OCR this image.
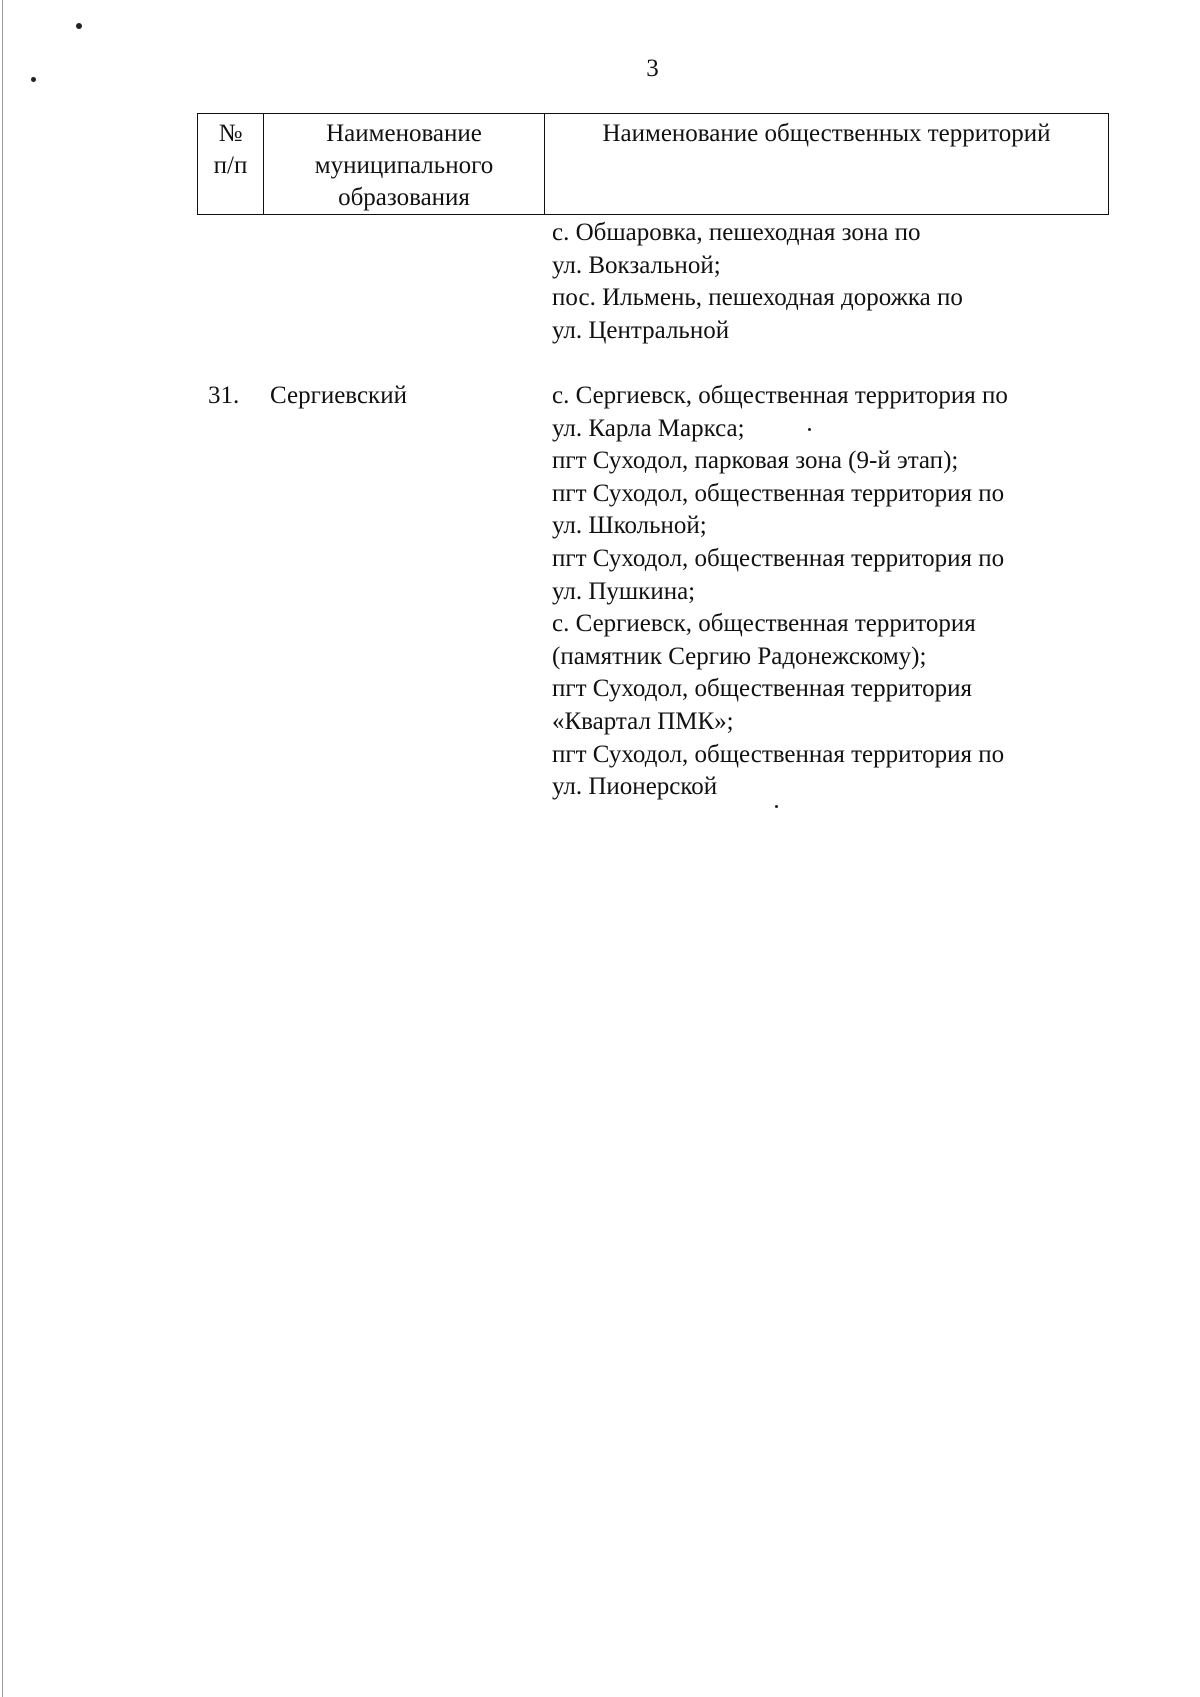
3
№
п/п
Наименование
муниципального
образования
Наименование общественных территорий
с. Обшаровка, пешеходная зона по
ул. Вокзальной;
пос. Ильмень, пешеходная дорожка по
ул. Центральной
31.	Сергиевский	с. Сергиевск, общественная территория по
ул. Карла Маркса;
пгт Суходол, парковая зона (9-й этап);
пгт Суходол, общественная территория по
ул. Школьной;
пгт Суходол, общественная территория по
ул. Пушкина;
с. Сергиевск, общественная территория
(памятник Сергию Радонежскому);
пгт Суходол, общественная территория
«Квартал ПМК»;
пгт Суходол, общественная территория по
ул. Пионерской
